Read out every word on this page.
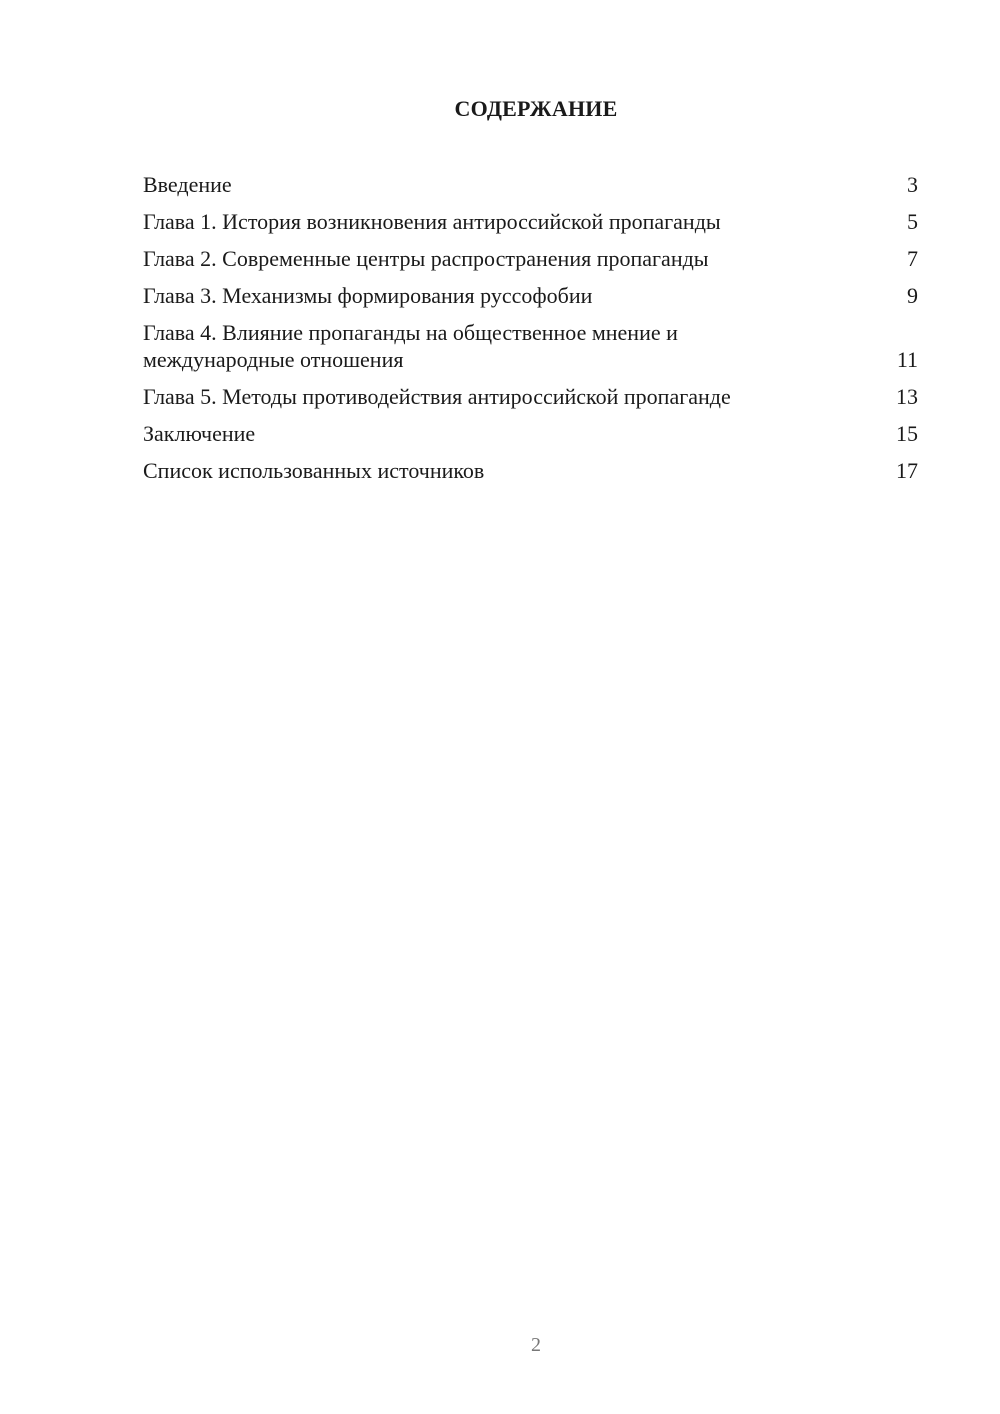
СОДЕРЖАНИЕ
Введение	3
Глава 1. История возникновения антироссийской пропаганды	5
Глава 2. Современные центры распространения пропаганды	7
Глава 3. Механизмы формирования руссофобии	9
Глава 4. Влияние пропаганды на общественное мнение и международные отношения	11
Глава 5. Методы противодействия антироссийской пропаганде	13
Заключение	15
Список использованных источников	17
2
